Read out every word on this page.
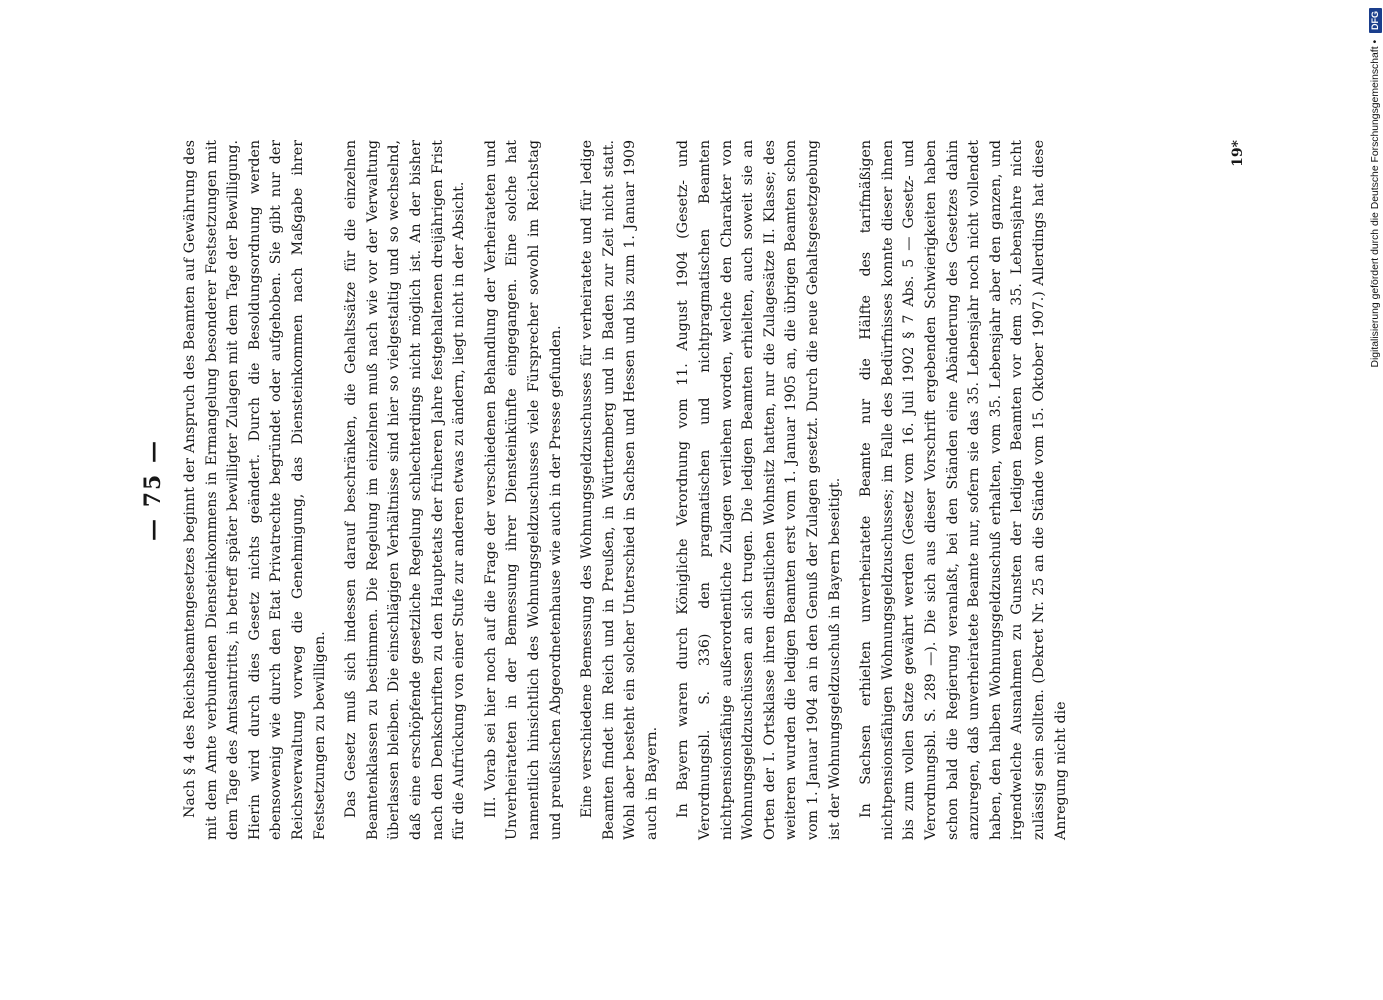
— 75 — Nach § 4 des Reichsbeamtengesetzes beginnt der Anspruch des Beamten auf Gewährung des mit dem Amte verbundenen Diensteinkommens in Ermangelung besonderer Festsetzungen mit dem Tage des Amtsantritts, in betreff später bewilligter Zulagen mit dem Tage der Bewilligung. Hierin wird durch dies Gesetz nichts geändert. Durch die Besoldungsordnung werden ebensowenig wie durch den Etat Privatrechte begründet oder aufgehoben. Sie gibt nur der Reichsverwaltung vorweg die Genehmigung, das Diensteinkommen nach Maßgabe ihrer Festsetzungen zu bewilligen. Das Gesetz muß sich indessen darauf beschränken, die Gehaltssätze für die einzelnen Beamtenklassen zu bestimmen. Die Regelung im einzelnen muß nach wie vor der Verwaltung überlassen bleiben. Die einschlägigen Verhältnisse sind hier so vielgestaltig und so wechselnd, daß eine erschöpfende gesetzliche Regelung schlechterdings nicht möglich ist. An der bisher nach den Denkschriften zu den Hauptetats der früheren Jahre festgehaltenen dreijährigen Frist für die Aufrückung von einer Stufe zur anderen etwas zu ändern, liegt nicht in der Absicht. III. Vorab sei hier noch auf die Frage der verschiedenen Behandlung der Verheirateten und Unverheirateten in der Bemessung ihrer Diensteinkünfte eingegangen. Eine solche hat namentlich hinsichtlich des Wohnungsgeldzuschusses viele Fürsprecher sowohl im Reichstag und preußischen Abgeordnetenhause wie auch in der Presse gefunden. Eine verschiedene Bemessung des Wohnungsgeldzuschusses für verheiratete und für ledige Beamten findet im Reich und in Preußen, in Württemberg und in Baden zur Zeit nicht statt. Wohl aber besteht ein solcher Unterschied in Sachsen und Hessen und bis zum 1. Januar 1909 auch in Bayern. In Bayern waren durch Königliche Verordnung vom 11. August 1904 (Gesetz- und Verordnungsbl. S. 336) den pragmatischen und nichtpragmatischen Beamten nichtpensionsfähige außerordentliche Zulagen verliehen worden, welche den Charakter von Wohnungsgeldzuschüssen an sich trugen. Die ledigen Beamten erhielten, auch soweit sie an Orten der I. Ortsklasse ihren dienstlichen Wohnsitz hatten, nur die Zulagesätze II. Klasse; des weiteren wurden die ledigen Beamten erst vom 1. Januar 1905 an, die übrigen Beamten schon vom 1. Januar 1904 an in den Genuß der Zulagen gesetzt. Durch die neue Gehaltsgesetzgebung ist der Wohnungsgeldzuschuß in Bayern beseitigt. In Sachsen erhielten unverheiratete Beamte nur die Hälfte des tarifmäßigen nichtpensionsfähigen Wohnungsgeldzuschusses; im Falle des Bedürfnisses konnte dieser ihnen bis zum vollen Satze gewährt werden (Gesetz vom 16. Juli 1902 § 7 Abs. 5 — Gesetz- und Verordnungsbl. S. 289 —). Die sich aus dieser Vorschrift ergebenden Schwierigkeiten haben schon bald die Regierung veranlaßt, bei den Ständen eine Abänderung des Gesetzes dahin anzuregen, daß unverheiratete Beamte nur, sofern sie das 35. Lebensjahr noch nicht vollendet haben, den halben Wohnungsgeldzuschuß erhalten, vom 35. Lebensjahr aber den ganzen, und irgendwelche Ausnahmen zu Gunsten der ledigen Beamten vor dem 35. Lebensjahre nicht zulässig sein sollten. (Dekret Nr. 25 an die Stände vom 15. Oktober 1907.) Allerdings hat diese Anregung nicht die

19*	Digitalisierung gefördert durch die Deutsche Forschungsgemeinschaft • DFG
